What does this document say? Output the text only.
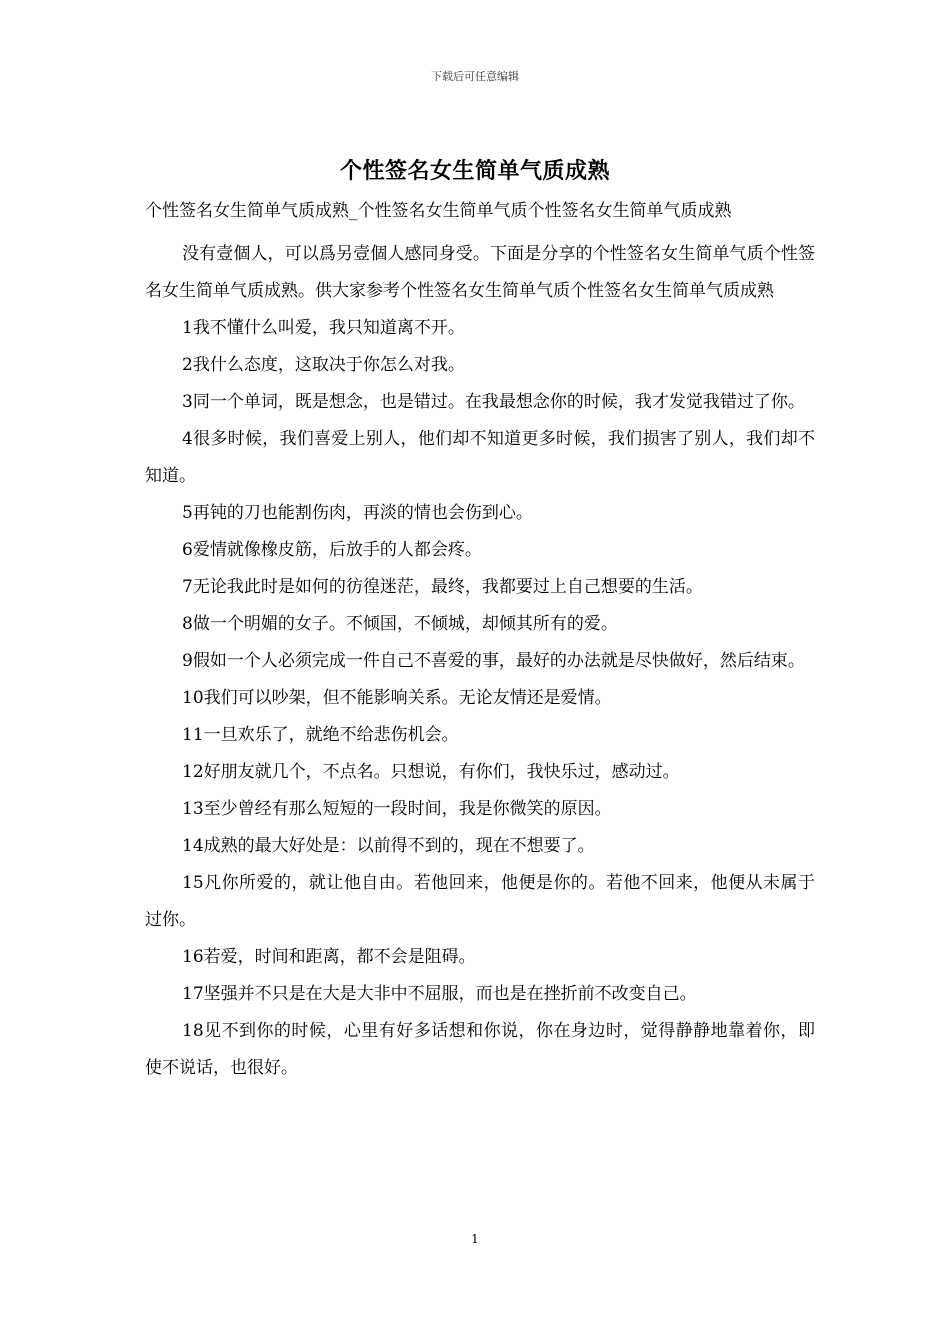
下载后可任意编辑
个性签名女生简单气质成熟

个性签名女生简单气质成熟_个性签名女生简单气质个性签名女生简单气质成熟

没有壹個人，可以爲另壹個人感同身受。下面是分享的个性签名女生简单气质个性签名女生简单气质成熟。供大家参考个性签名女生简单气质个性签名女生简单气质成熟

1我不懂什么叫爱，我只知道离不开。

2我什么态度，这取决于你怎么对我。

3同一个单词，既是想念，也是错过。在我最想念你的时候，我才发觉我错过了你。

4很多时候，我们喜爱上别人，他们却不知道更多时候，我们损害了别人，我们却不知道。

5再钝的刀也能割伤肉，再淡的情也会伤到心。

6爱情就像橡皮筋，后放手的人都会疼。

7无论我此时是如何的彷徨迷茫，最终，我都要过上自己想要的生活。

8做一个明媚的女子。不倾国，不倾城，却倾其所有的爱。

9假如一个人必须完成一件自己不喜爱的事，最好的办法就是尽快做好，然后结束。

10我们可以吵架，但不能影响关系。无论友情还是爱情。

11一旦欢乐了，就绝不给悲伤机会。

12好朋友就几个，不点名。只想说，有你们，我快乐过，感动过。

13至少曾经有那么短短的一段时间，我是你微笑的原因。

14成熟的最大好处是：以前得不到的，现在不想要了。

15凡你所爱的，就让他自由。若他回来，他便是你的。若他不回来，他便从未属于过你。

16若爱，时间和距离，都不会是阻碍。

17坚强并不只是在大是大非中不屈服，而也是在挫折前不改变自己。

18见不到你的时候，心里有好多话想和你说，你在身边时，觉得静静地靠着你，即使不说话，也很好。

1
